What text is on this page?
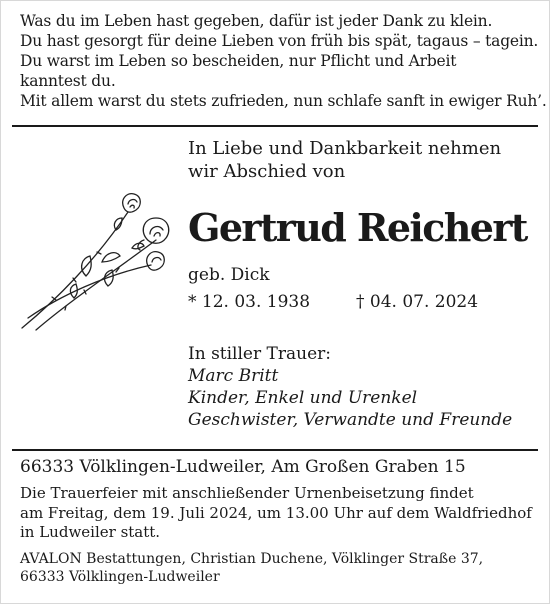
Was du im Leben hast gegeben, dafür ist jeder Dank zu klein.
Du hast gesorgt für deine Lieben von früh bis spät, tagaus – tagein.
Du warst im Leben so bescheiden, nur Pflicht und Arbeit
kanntest du.
Mit allem warst du stets zufrieden, nun schlafe sanft in ewiger Ruh’.
In Liebe und Dankbarkeit nehmen
wir Abschied von
Gertrud Reichert
geb. Dick
* 12. 03. 1938	† 04. 07. 2024
In stiller Trauer:
Marc Britt
Kinder, Enkel und Urenkel
Geschwister, Verwandte und Freunde
66333 Völklingen-Ludweiler, Am Großen Graben 15
Die Trauerfeier mit anschließender Urnenbeisetzung findet
am Freitag, dem 19. Juli 2024, um 13.00 Uhr auf dem Waldfriedhof
in Ludweiler statt.
AVALON Bestattungen, Christian Duchene, Völklinger Straße 37,
66333 Völklingen-Ludweiler
